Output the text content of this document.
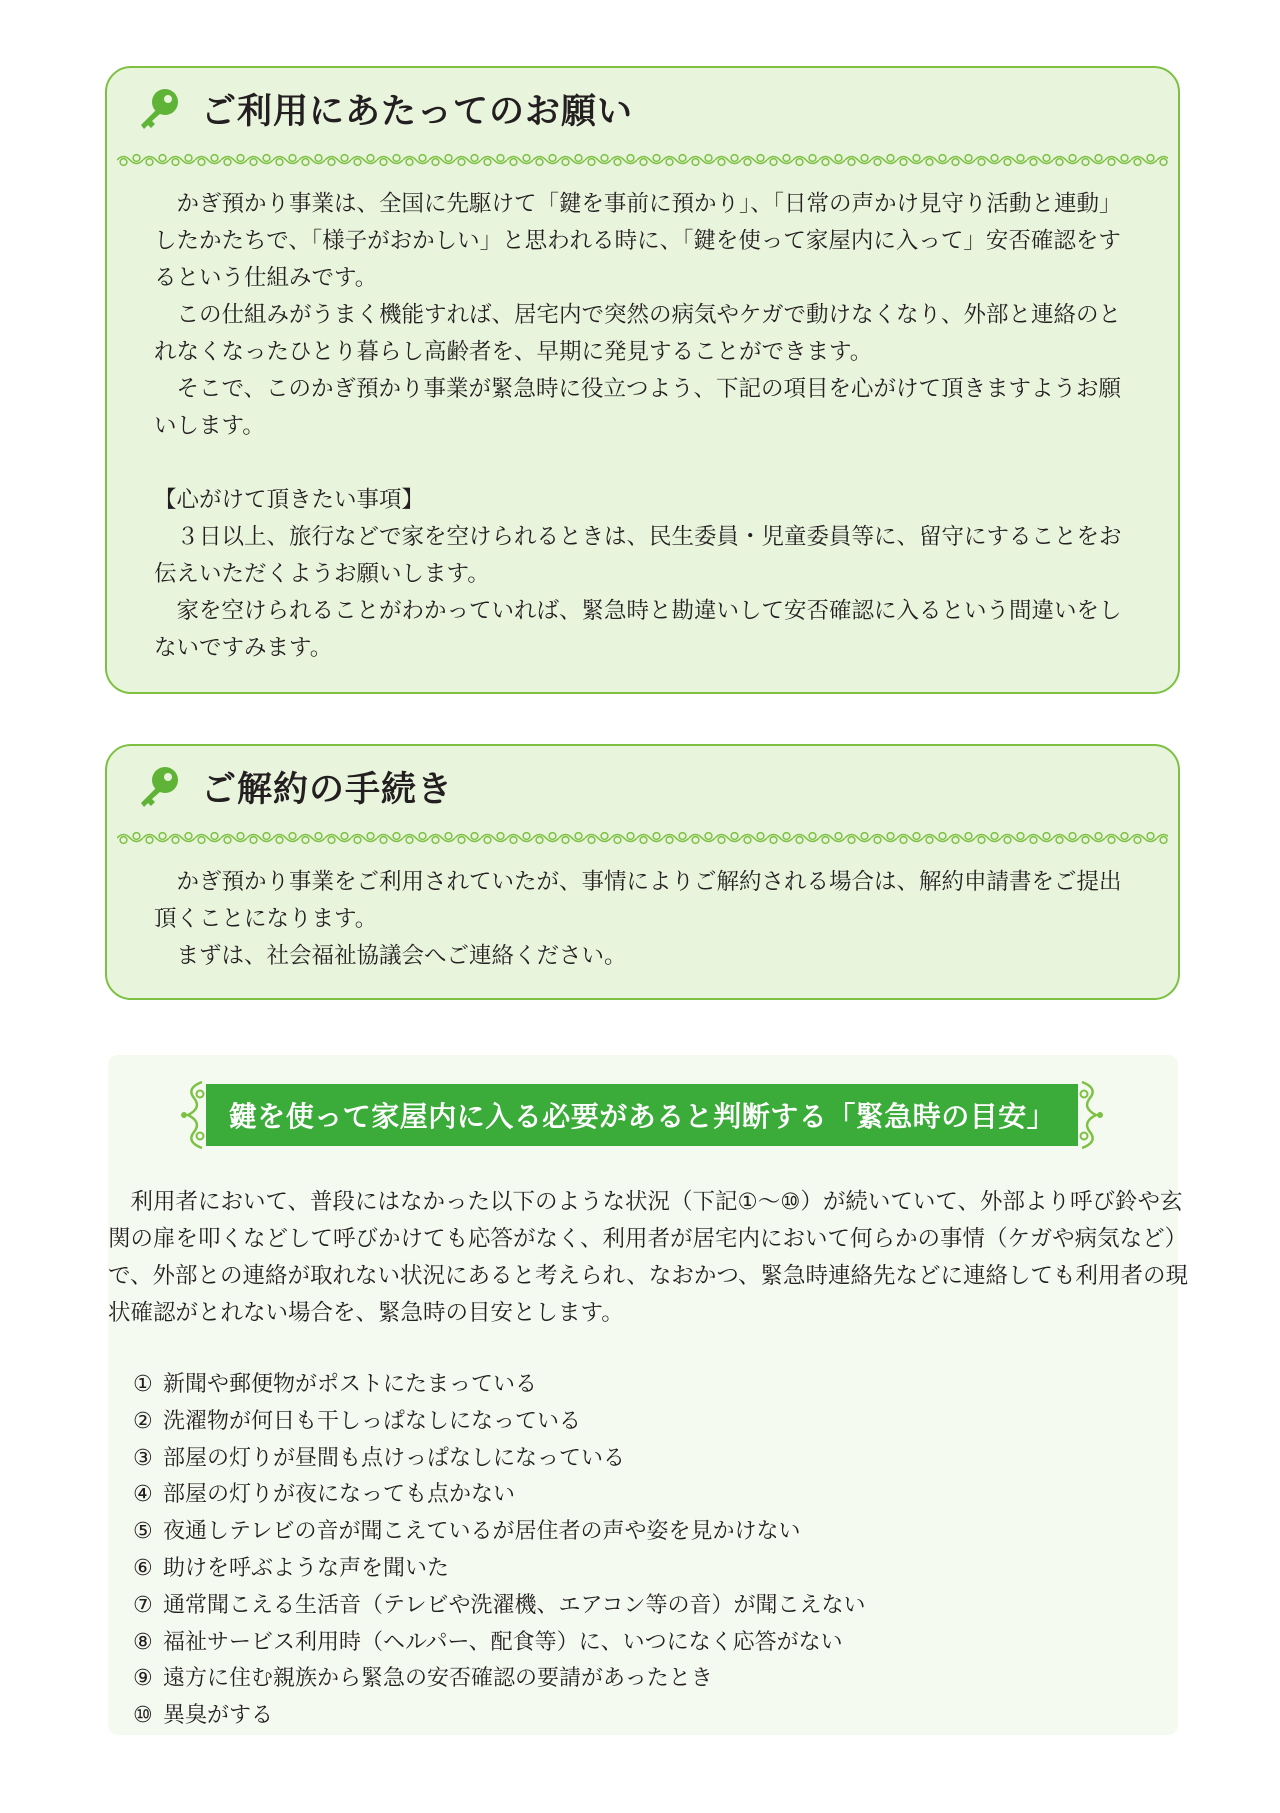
ご利用にあたってのお願い

かぎ預かり事業は、全国に先駆けて「鍵を事前に預かり」、「日常の声かけ見守り活動と連動」したかたちで、「様子がおかしい」と思われる時に、「鍵を使って家屋内に入って」安否確認をするという仕組みです。

この仕組みがうまく機能すれば、居宅内で突然の病気やケガで動けなくなり、外部と連絡のとれなくなったひとり暮らし高齢者を、早期に発見することができます。

そこで、このかぎ預かり事業が緊急時に役立つよう、下記の項目を心がけて頂きますようお願いします。

【心がけて頂きたい事項】

３日以上、旅行などで家を空けられるときは、民生委員・児童委員等に、留守にすることをお伝えいただくようお願いします。

家を空けられることがわかっていれば、緊急時と勘違いして安否確認に入るという間違いをしないですみます。

ご解約の手続き

かぎ預かり事業をご利用されていたが、事情によりご解約される場合は、解約申請書をご提出頂くことになります。

まずは、社会福祉協議会へご連絡ください。

鍵を使って家屋内に入る必要があると判断する「緊急時の目安」

利用者において、普段にはなかった以下のような状況（下記①～⑩）が続いていて、外部より呼び鈴や玄関の扉を叩くなどして呼びかけても応答がなく、利用者が居宅内において何らかの事情（ケガや病気など）で、外部との連絡が取れない状況にあると考えられ、なおかつ、緊急時連絡先などに連絡しても利用者の現状確認がとれない場合を、緊急時の目安とします。

① 新聞や郵便物がポストにたまっている
② 洗濯物が何日も干しっぱなしになっている
③ 部屋の灯りが昼間も点けっぱなしになっている
④ 部屋の灯りが夜になっても点かない
⑤ 夜通しテレビの音が聞こえているが居住者の声や姿を見かけない
⑥ 助けを呼ぶような声を聞いた
⑦ 通常聞こえる生活音（テレビや洗濯機、エアコン等の音）が聞こえない
⑧ 福祉サービス利用時（ヘルパー、配食等）に、いつになく応答がない
⑨ 遠方に住む親族から緊急の安否確認の要請があったとき
⑩ 異臭がする
